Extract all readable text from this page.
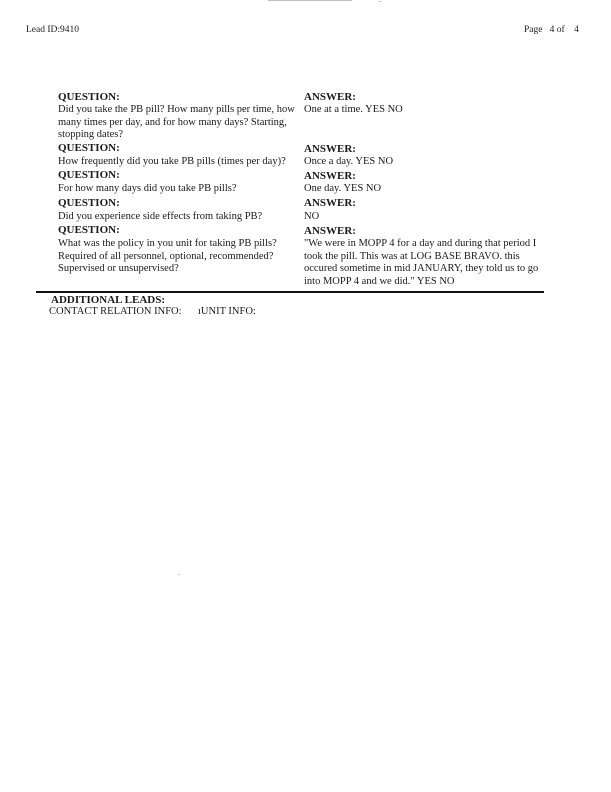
Lead ID:9410	Page   4 of    4
QUESTION:	ANSWER:
Did you take the PB pill? How many pills per time, how
many times per day, and for how many days? Starting,
stopping dates?
One at a time. YES NO
QUESTION:	ANSWER:
How frequently did you take PB pills (times per day)?	Once a day. YES NO
QUESTION:	ANSWER:
For how many days did you take PB pills?	One day. YES NO
QUESTION:	ANSWER:
Did you experience side effects from taking PB?	NO
QUESTION:	ANSWER:
What was the policy in you unit for taking PB pills?
Required of all personnel, optional, recommended?
Supervised or unsupervised?
"We were in MOPP 4 for a day and during that period I
took the pill. This was at LOG BASE BRAVO. this
occured sometime in mid JANUARY, they told us to go
into MOPP 4 and we did." YES NO
ADDITIONAL LEADS:
CONTACT RELATION INFO: ıUNIT INFO:
